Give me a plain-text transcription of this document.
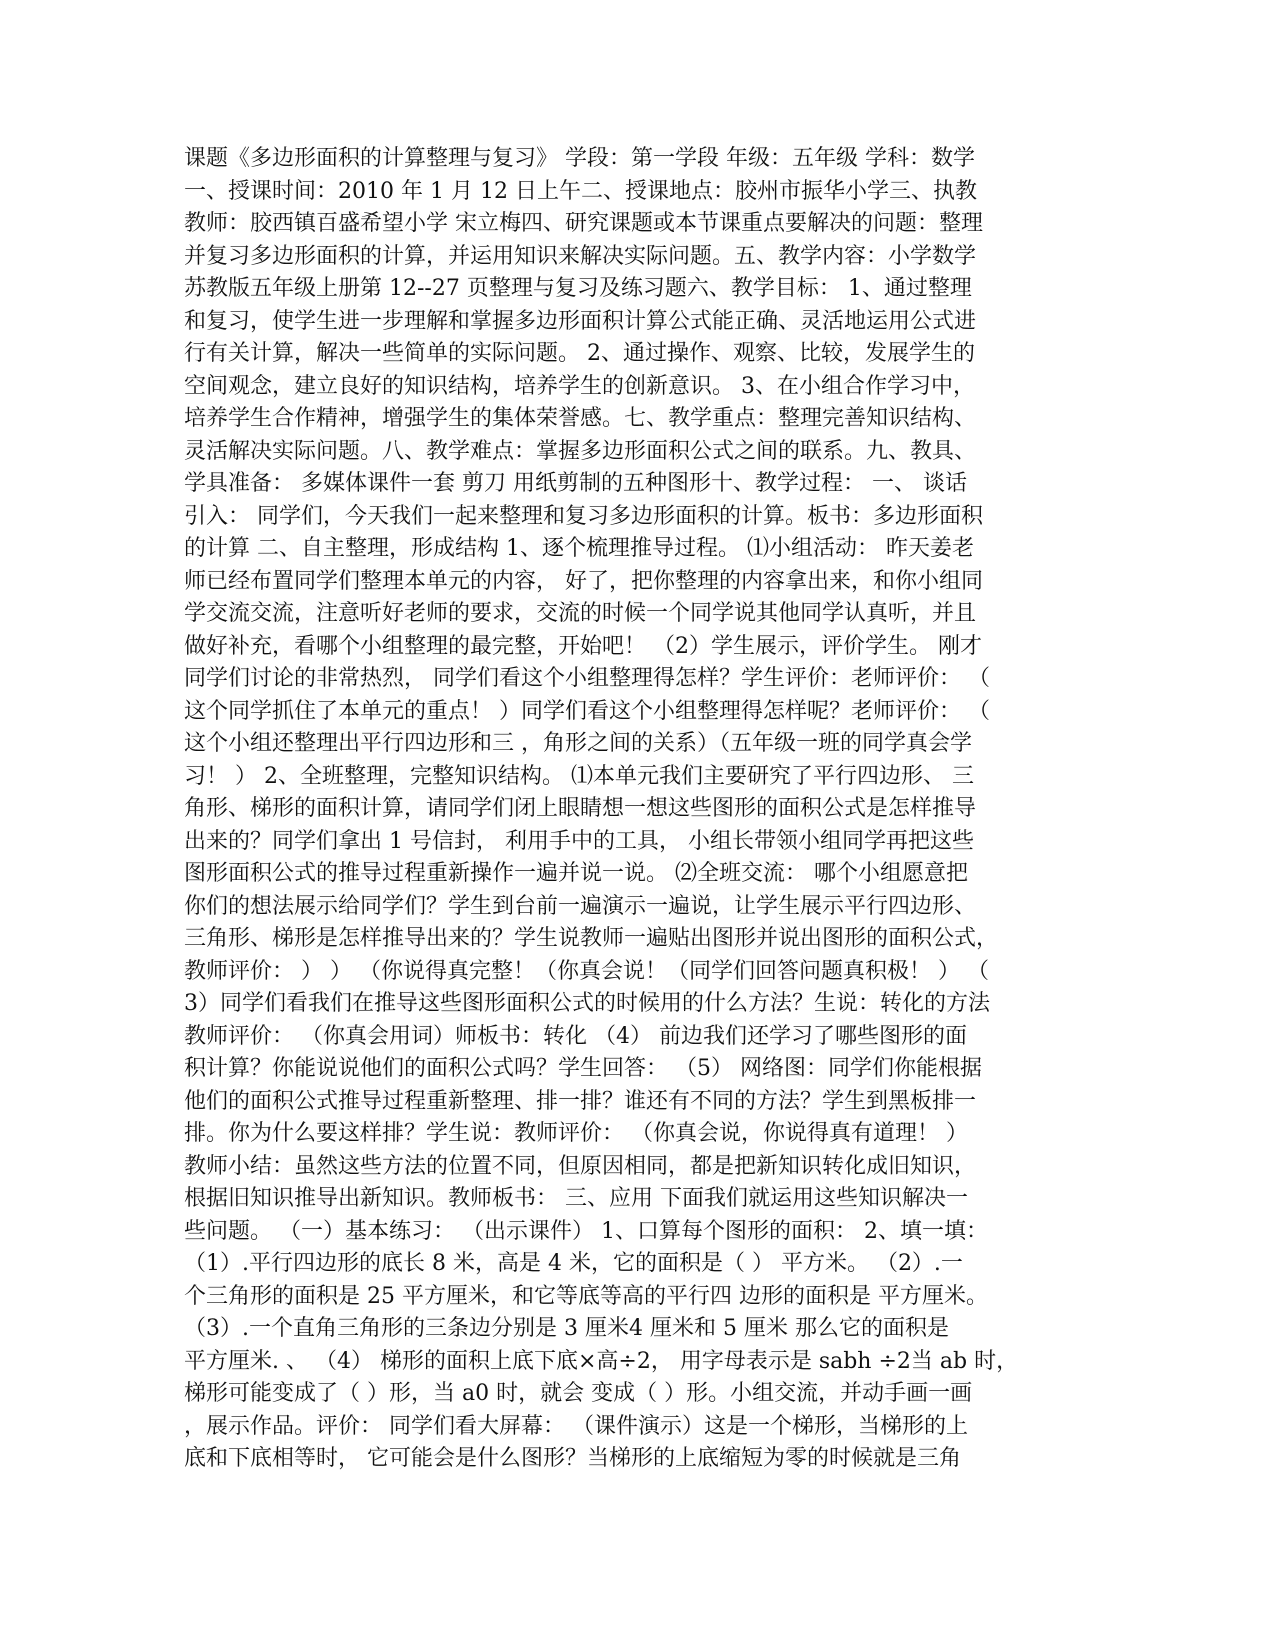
课题《多边形面积的计算整理与复习》 学段：第一学段 年级：五年级 学科：数学
一、授课时间：2010 年 1 月 12 日上午二、授课地点：胶州市振华小学三、执教
教师：胶西镇百盛希望小学 宋立梅四、研究课题或本节课重点要解决的问题：整理
并复习多边形面积的计算，并运用知识来解决实际问题。五、教学内容：小学数学
苏教版五年级上册第 12--27 页整理与复习及练习题六、教学目标： 1、通过整理
和复习，使学生进一步理解和掌握多边形面积计算公式能正确、灵活地运用公式进
行有关计算，解决一些简单的实际问题。 2、通过操作、观察、比较，发展学生的
空间观念，建立良好的知识结构，培养学生的创新意识。 3、在小组合作学习中，
培养学生合作精神，增强学生的集体荣誉感。七、教学重点：整理完善知识结构、
灵活解决实际问题。八、教学难点：掌握多边形面积公式之间的联系。九、教具、
学具准备： 多媒体课件一套 剪刀 用纸剪制的五种图形十、教学过程： 一、 谈话
引入： 同学们，今天我们一起来整理和复习多边形面积的计算。板书：多边形面积
的计算 二、自主整理，形成结构 1、逐个梳理推导过程。 ⑴小组活动： 昨天姜老
师已经布置同学们整理本单元的内容， 好了，把你整理的内容拿出来，和你小组同
学交流交流，注意听好老师的要求，交流的时候一个同学说其他同学认真听，并且
做好补充，看哪个小组整理的最完整，开始吧！ （2）学生展示，评价学生。 刚才
同学们讨论的非常热烈， 同学们看这个小组整理得怎样？学生评价：老师评价： （
这个同学抓住了本单元的重点！ ）同学们看这个小组整理得怎样呢？老师评价： （
这个小组还整理出平行四边形和三 ，角形之间的关系）（五年级一班的同学真会学
习！ ） 2、全班整理，完整知识结构。 ⑴本单元我们主要研究了平行四边形、 三
角形、梯形的面积计算，请同学们闭上眼睛想一想这些图形的面积公式是怎样推导
出来的？同学们拿出 1 号信封， 利用手中的工具， 小组长带领小组同学再把这些
图形面积公式的推导过程重新操作一遍并说一说。 ⑵全班交流： 哪个小组愿意把
你们的想法展示给同学们？学生到台前一遍演示一遍说，让学生展示平行四边形、
三角形、梯形是怎样推导出来的？学生说教师一遍贴出图形并说出图形的面积公式，
教师评价： ） ） （你说得真完整！（你真会说！（同学们回答问题真积极！ ） （
3）同学们看我们在推导这些图形面积公式的时候用的什么方法？生说：转化的方法
教师评价： （你真会用词）师板书：转化 （4） 前边我们还学习了哪些图形的面
积计算？你能说说他们的面积公式吗？学生回答： （5） 网络图：同学们你能根据
他们的面积公式推导过程重新整理、排一排？谁还有不同的方法？学生到黑板排一
排。你为什么要这样排？学生说：教师评价： （你真会说，你说得真有道理！ ）
教师小结：虽然这些方法的位置不同，但原因相同，都是把新知识转化成旧知识，
根据旧知识推导出新知识。教师板书： 三、应用 下面我们就运用这些知识解决一
些问题。 （一）基本练习： （出示课件） 1、口算每个图形的面积： 2、填一填：
（1）.平行四边形的底长 8 米，高是 4 米，它的面积是（ ） 平方米。 （2）.一
个三角形的面积是 25 平方厘米，和它等底等高的平行四 边形的面积是 平方厘米。
（3）.一个直角三角形的三条边分别是 3 厘米4 厘米和 5 厘米 那么它的面积是
平方厘米. 、 （4） 梯形的面积上底下底×高÷2， 用字母表示是 sabh ÷2当 ab 时，
梯形可能变成了（ ）形，当 a0 时，就会 变成（ ）形。小组交流，并动手画一画
，展示作品。评价： 同学们看大屏幕： （课件演示）这是一个梯形，当梯形的上
底和下底相等时， 它可能会是什么图形？当梯形的上底缩短为零的时候就是三角
